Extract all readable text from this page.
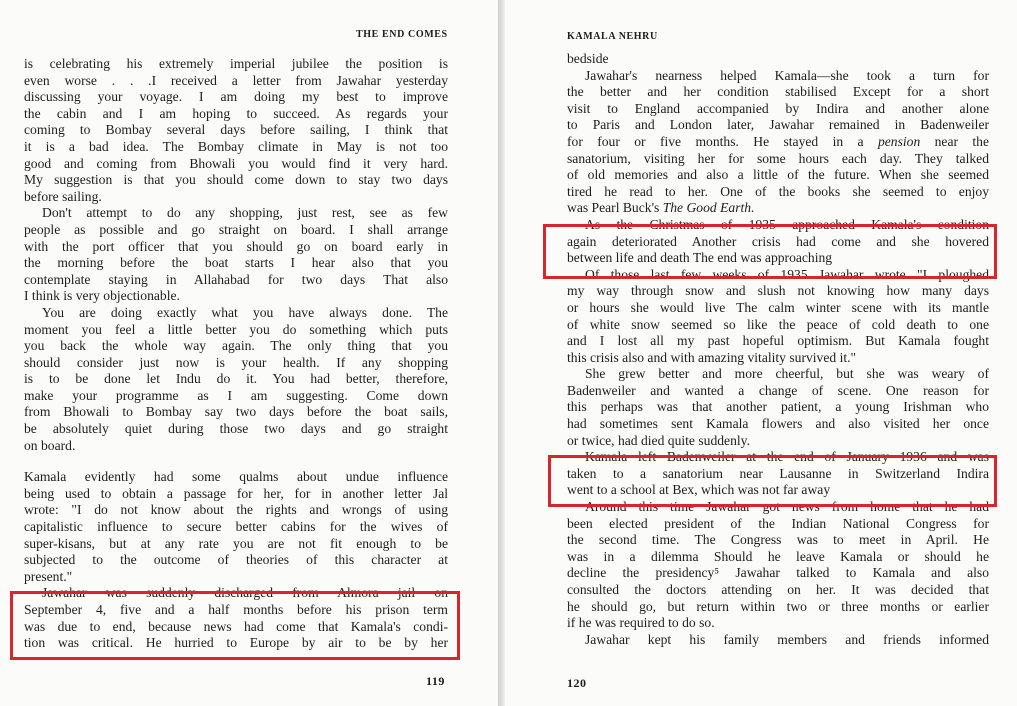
THE END COMES
is celebrating his extremely imperial jubilee the position is
even worse . . .I received a letter from Jawahar yesterday
discussing your voyage. I am doing my best to improve
the cabin and I am hoping to succeed. As regards your
coming to Bombay several days before sailing, I think that
it is a bad idea. The Bombay climate in May is not too
good and coming from Bhowali you would find it very hard.
My suggestion is that you should come down to stay two days
before sailing.
Don't attempt to do any shopping, just rest, see as few
people as possible and go straight on board. I shall arrange
with the port officer that you should go on board early in
the morning before the boat starts I hear also that you
contemplate staying in Allahabad for two days That also
I think is very objectionable.
You are doing exactly what you have always done. The
moment you feel a little better you do something which puts
you back the whole way again. The only thing that you
should consider just now is your health. If any shopping
is to be done let Indu do it. You had better, therefore,
make your programme as I am suggesting. Come down
from Bhowali to Bombay say two days before the boat sails,
be absolutely quiet during those two days and go straight
on board.
Kamala evidently had some qualms about undue influence
being used to obtain a passage for her, for in another letter Jal
wrote: "I do not know about the rights and wrongs of using
capitalistic influence to secure better cabins for the wives of
super-kisans, but at any rate you are not fit enough to be
subjected to the outcome of theories of this character at
present."
Jawahar was suddenly discharged from Almora jail on
September 4, five and a half months before his prison term
was due to end, because news had come that Kamala's condi-
tion was critical. He hurried to Europe by air to be by her
119
KAMALA NEHRU
bedside
Jawahar's nearness helped Kamala—she took a turn for
the better and her condition stabilised Except for a short
visit to England accompanied by Indira and another alone
to Paris and London later, Jawahar remained in Badenweiler
for four or five months. He stayed in a pension near the
sanatorium, visiting her for some hours each day. They talked
of old memories and also a little of the future. When she seemed
tired he read to her. One of the books she seemed to enjoy
was Pearl Buck's The Good Earth.
As the Christmas of 1935 approached Kamala's condition
again deteriorated Another crisis had come and she hovered
between life and death The end was approaching
Of those last few weeks of 1935 Jawahar wrote "I ploughed
my way through snow and slush not knowing how many days
or hours she would live The calm winter scene with its mantle
of white snow seemed so like the peace of cold death to one
and I lost all my past hopeful optimism. But Kamala fought
this crisis also and with amazing vitality survived it."
She grew better and more cheerful, but she was weary of
Badenweiler and wanted a change of scene. One reason for
this perhaps was that another patient, a young Irishman who
had sometimes sent Kamala flowers and also visited her once
or twice, had died quite suddenly.
Kamala left Badenweiler at the end of January 1936 and was
taken to a sanatorium near Lausanne in Switzerland Indira
went to a school at Bex, which was not far away
Around this time Jawahar got news from home that he had
been elected president of the Indian National Congress for
the second time. The Congress was to meet in April. He
was in a dilemma Should he leave Kamala or should he
decline the presidency⁵ Jawahar talked to Kamala and also
consulted the doctors attending on her. It was decided that
he should go, but return within two or three months or earlier
if he was required to do so.
Jawahar kept his family members and friends informed
120
